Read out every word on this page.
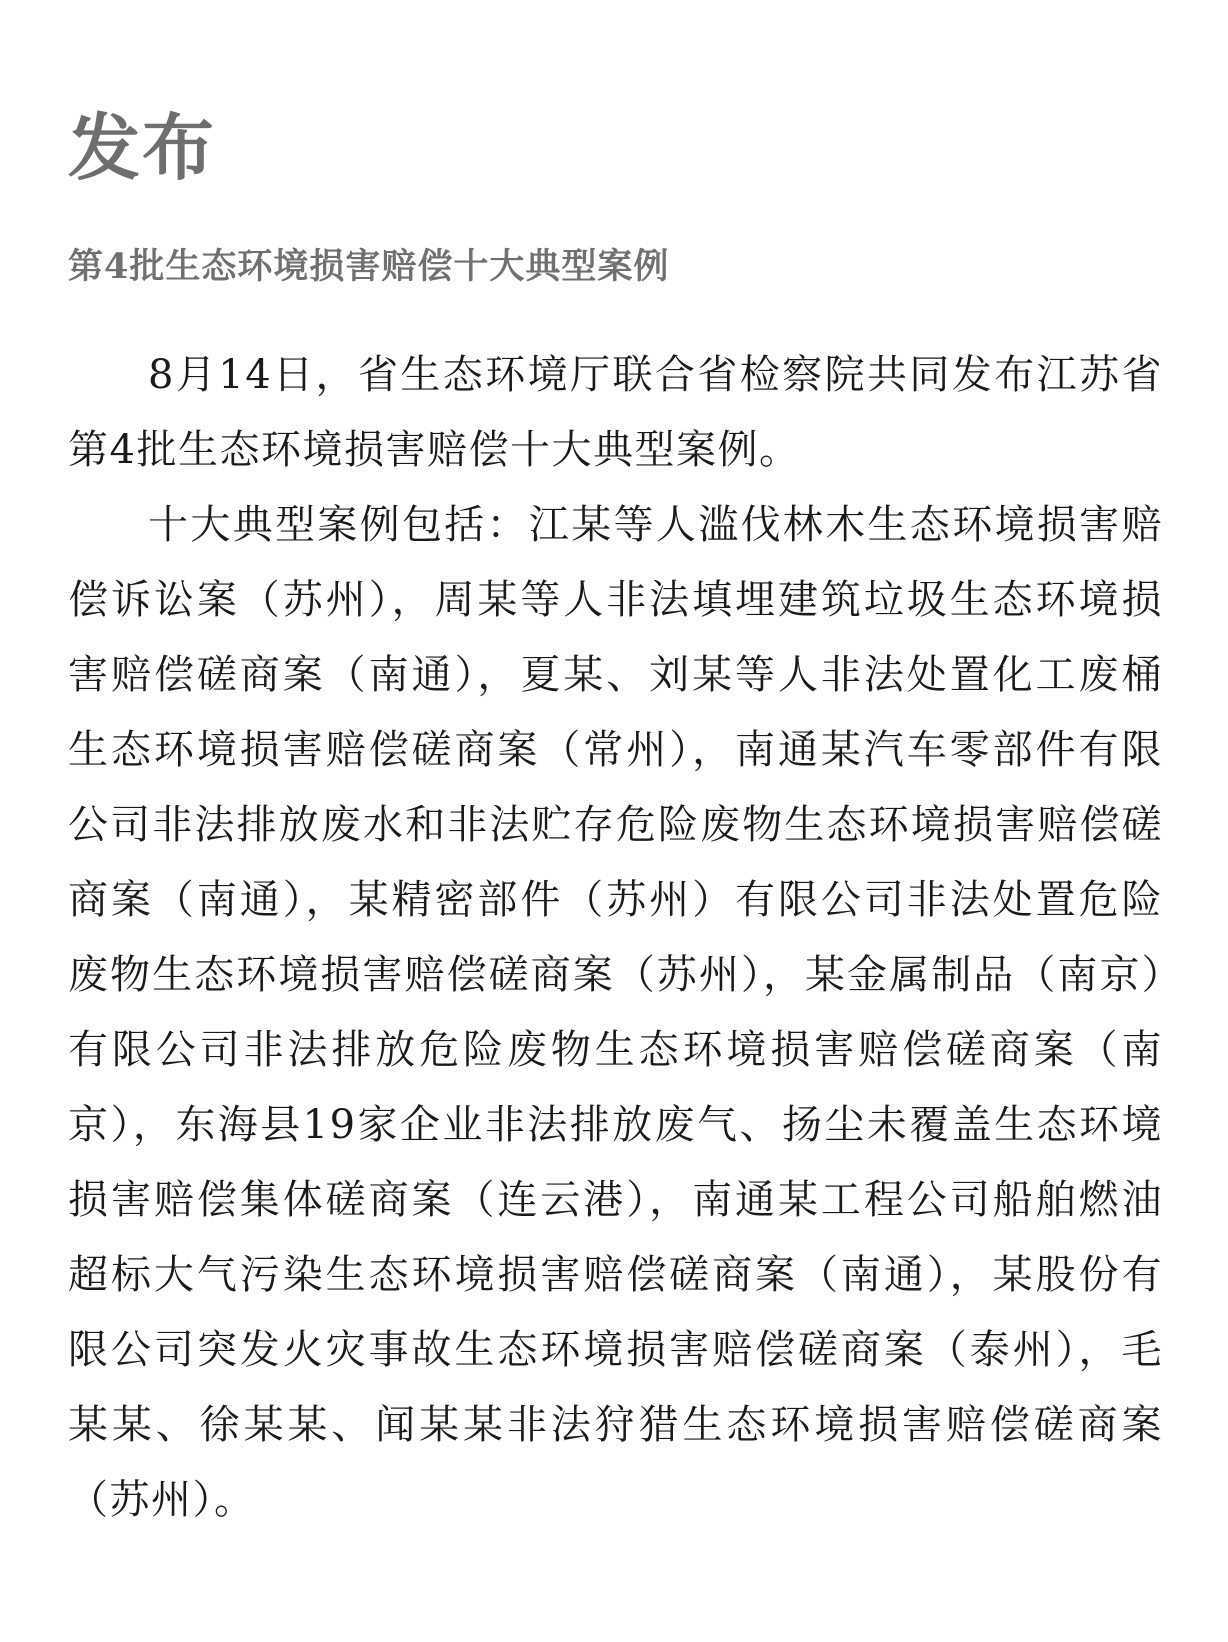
发布
第4批生态环境损害赔偿十大典型案例

8月14日，省生态环境厅联合省检察院共同发布江苏省第4批生态环境损害赔偿十大典型案例。

十大典型案例包括：江某等人滥伐林木生态环境损害赔偿诉讼案（苏州），周某等人非法填埋建筑垃圾生态环境损害赔偿磋商案（南通），夏某、刘某等人非法处置化工废桶生态环境损害赔偿磋商案（常州），南通某汽车零部件有限公司非法排放废水和非法贮存危险废物生态环境损害赔偿磋商案（南通），某精密部件（苏州）有限公司非法处置危险废物生态环境损害赔偿磋商案（苏州），某金属制品（南京）有限公司非法排放危险废物生态环境损害赔偿磋商案（南京），东海县19家企业非法排放废气、扬尘未覆盖生态环境损害赔偿集体磋商案（连云港），南通某工程公司船舶燃油超标大气污染生态环境损害赔偿磋商案（南通），某股份有限公司突发火灾事故生态环境损害赔偿磋商案（泰州），毛某某、徐某某、闻某某非法狩猎生态环境损害赔偿磋商案（苏州）。
